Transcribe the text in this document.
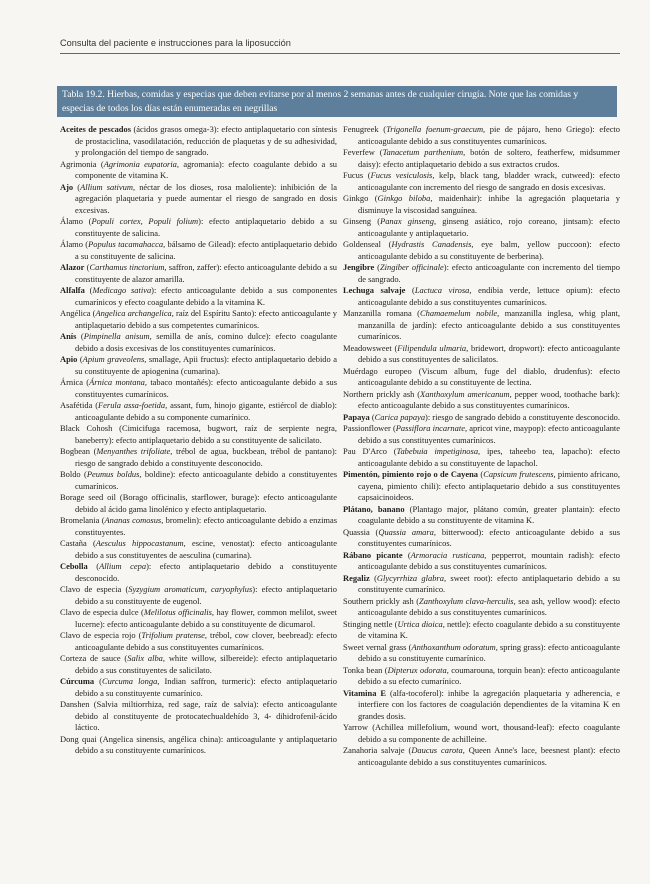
Consulta del paciente e instrucciones para la liposucción
Tabla 19.2. Hierbas, comidas y especias que deben evitarse por al menos 2 semanas antes de cualquier cirugía. Note que las comidas y especias de todos los días están enumeradas en negrillas

Aceites de pescados (ácidos grasos omega-3): efecto antiplaquetario con síntesis de prostaciclina, vasodilatación, reducción de plaquetas y de su adhesividad, y prolongación del tiempo de sangrado.

Agrimonia (Agrimonia eupatoria, agromania): efecto coagulante debido a su componente de vitamina K.

Ajo (Allium sativum, néctar de los dioses, rosa maloliente): inhibición de la agregación plaquetaria y puede aumentar el riesgo de sangrado en dosis excesivas.

Álamo (Populi cortex, Populi folium): efecto antiplaquetario debido a su constituyente de salicina.

Álamo (Populus tacamahacca, bálsamo de Gilead): efecto antiplaquetario debido a su constituyente de salicina.

Alazor (Carthamus tinctorium, saffron, zaffer): efecto anticoagulante debido a su constituyente de alazor amarilla.

Alfalfa (Medicago sativa): efecto anticoagulante debido a sus componentes cumarínicos y efecto coagulante debido a la vitamina K.

Angélica (Angelica archangelica, raíz del Espíritu Santo): efecto anticoagulante y antiplaquetario debido a sus competentes cumarínicos.

Anís (Pimpinella anisum, semilla de anís, comino dulce): efecto coagulante debido a dosis excesivas de los constituyentes cumarínicos.

Apio (Apium graveolens, smallage, Apii fructus): efecto antiplaquetario debido a su constituyente de apiogenina (cumarina).

Árnica (Árnica montana, tabaco montañés): efecto anticoagulante debido a sus constituyentes cumarínicos.

Asafétida (Ferula assa-foetida, assant, fum, hinojo gigante, estiércol de diablo): anticoagulante debido a su componente cumarínico.

Black Cohosh (Cimicifuga racemosa, bugwort, raíz de serpiente negra, baneberry): efecto antiplaquetario debido a su constituyente de salicilato.

Bogbean (Menyanthes trifoliate, trébol de agua, buckbean, trébol de pantano): riesgo de sangrado debido a constituyente desconocido.

Boldo (Peumus boldus, boldine): efecto anticoagulante debido a constituyentes cumarínicos.

Borage seed oil (Borago officinalis, starflower, burage): efecto anticoagulante debido al ácido gama linolénico y efecto antiplaquetario.

Bromelania (Ananas comosus, bromelin): efecto anticoagulante debido a enzimas constituyentes.

Castaña (Aesculus hippocastanum, escine, venostat): efecto anticoagulante debido a sus constituyentes de aesculina (cumarina).

Cebolla (Allium cepa): efecto antiplaquetario debido a constituyente desconocido.

Clavo de especia (Syzygium aromaticum, caryophylus): efecto antiplaquetario debido a su constituyente de eugenol.

Clavo de especia dulce (Melilotus officinalis, hay flower, common melilot, sweet lucerne): efecto anticoagulante debido a su constituyente de dicumarol.

Clavo de especia rojo (Trifolium pratense, trébol, cow clover, beebread): efecto anticoagulante debido a sus constituyentes cumarínicos.

Corteza de sauce (Salix alba, white willow, silbereide): efecto antiplaquetario debido a sus constituyentes de salicilato.

Cúrcuma (Curcuma longa, Indian saffron, turmeric): efecto antiplaquetario debido a su constituyente cumarínico.

Danshen (Salvia miltiorrhiza, red sage, raíz de salvia): efecto anticoagulante debido al constituyente de protocatechualdehído 3, 4- dihidrofenil-ácido láctico.

Dong quai (Angelica sinensis, angélica china): anticoagulante y antiplaquetario debido a su constituyente cumarínicos.

Fenugreek (Trigonella foenum-graecum, pie de pájaro, heno Griego): efecto anticoagulante debido a sus constituyentes cumarínicos.

Feverfew (Tanacetum parthenium, botón de soltero, featherfew, midsummer daisy): efecto antiplaquetario debido a sus extractos crudos.

Fucus (Fucus vesiculosis, kelp, black tang, bladder wrack, cutweed): efecto anticoagulante con incremento del riesgo de sangrado en dosis excesivas.

Ginkgo (Ginkgo biloba, maidenhair): inhibe la agregación plaquetaria y disminuye la viscosidad sanguínea.

Ginseng (Panax ginseng, ginseng asiático, rojo coreano, jintsam): efecto anticoagulante y antiplaquetario.

Goldenseal (Hydrastis Canadensis, eye balm, yellow puccoon): efecto anticoagulante debido a su constituyente de berberina).

Jengibre (Zingiber officinale): efecto anticoagulante con incremento del tiempo de sangrado.

Lechuga salvaje (Lactuca virosa, endibia verde, lettuce opium): efecto anticoagulante debido a sus constituyentes cumarínicos.

Manzanilla romana (Chamaemelum nobile, manzanilla inglesa, whig plant, manzanilla de jardín): efecto anticoagulante debido a sus constituyentes cumarínicos.

Meadowsweet (Filipendula ulmaria, bridewort, dropwort): efecto anticoagulante debido a sus constituyentes de salicilatos.

Muérdago europeo (Viscum album, fuge del diablo, drudenfus): efecto anticoagulante debido a su constituyente de lectina.

Northern prickly ash (Xanthoxylum americanum, pepper wood, toothache bark): efecto anticoagulante debido a sus constituyentes cumarínicos.

Papaya (Carica papaya): riesgo de sangrado debido a constituyente desconocido.

Passionflower (Passiflora incarnate, apricot vine, maypop): efecto anticoagulante debido a sus constituyentes cumarínicos.

Pau D'Arco (Tabebuia impetiginosa, ipes, taheebo tea, lapacho): efecto anticoagulante debido a su constituyente de lapachol.

Pimentón, pimiento rojo o de Cayena (Capsicum frutescens, pimiento africano, cayena, pimiento chili): efecto antiplaquetario debido a sus constituyentes capsaicinoideos.

Plátano, banano (Plantago major, plátano común, greater plantain): efecto coagulante debido a su constituyente de vitamina K.

Quassia (Quassia amara, bitterwood): efecto anticoagulante debido a sus constituyentes cumarínicos.

Rábano picante (Armoracia rusticana, pepperrot, mountain radish): efecto anticoagulante debido a sus constituyentes cumarínicos.

Regaliz (Glycyrrhiza glabra, sweet root): efecto antiplaquetario debido a su constituyente cumarínico.

Southern prickly ash (Zanthoxylum clava-herculis, sea ash, yellow wood): efecto anticoagulante debido a sus constituyentes cumarínicos.

Stinging nettle (Urtica dioica, nettle): efecto coagulante debido a su constituyente de vitamina K.

Sweet vernal grass (Anthoxanthum odoratum, spring grass): efecto anticoagulante debido a su constituyente cumarínico.

Tonka bean (Dipterux odorata, coumarouna, torquin bean): efecto anticoagulante debido a su efecto cumarínico.

Vitamina E (alfa-tocoferol): inhibe la agregación plaquetaria y adherencia, e interfiere con los factores de coagulación dependientes de la vitamina K en grandes dosis.

Yarrow (Achillea millefolium, wound wort, thousand-leaf): efecto coagulante debido a su componente de achilleine.

Zanahoria salvaje (Daucus carota, Queen Anne's lace, beesnest plant): efecto anticoagulante debido a sus constituyentes cumarínicos.
